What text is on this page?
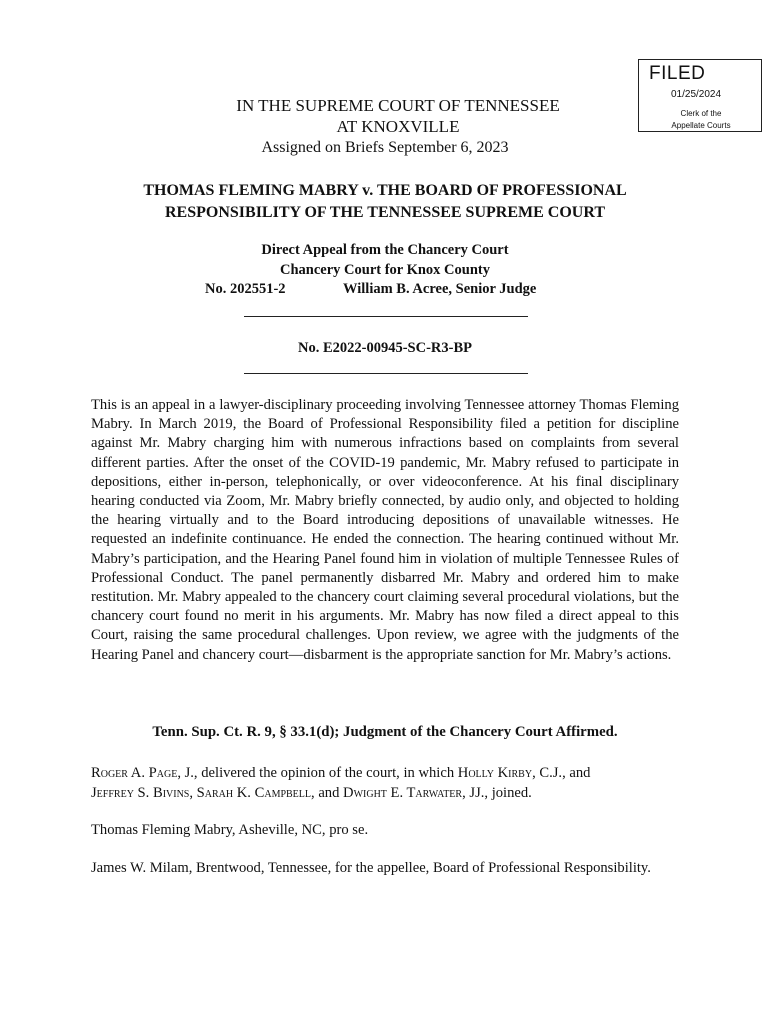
FILED
01/25/2024
Clerk of the
Appellate Courts
IN THE SUPREME COURT OF TENNESSEE
AT KNOXVILLE
Assigned on Briefs September 6, 2023
THOMAS FLEMING MABRY v. THE BOARD OF PROFESSIONAL
RESPONSIBILITY OF THE TENNESSEE SUPREME COURT
Direct Appeal from the Chancery Court
Chancery Court for Knox County
No. 202551-2	William B. Acree, Senior Judge
No. E2022-00945-SC-R3-BP

This is an appeal in a lawyer-disciplinary proceeding involving Tennessee attorney Thomas Fleming Mabry. In March 2019, the Board of Professional Responsibility filed a petition for discipline against Mr. Mabry charging him with numerous infractions based on complaints from several different parties. After the onset of the COVID-19 pandemic, Mr. Mabry refused to participate in depositions, either in-person, telephonically, or over videoconference. At his final disciplinary hearing conducted via Zoom, Mr. Mabry briefly connected, by audio only, and objected to holding the hearing virtually and to the Board introducing depositions of unavailable witnesses. He requested an indefinite continuance. He ended the connection. The hearing continued without Mr. Mabry’s participation, and the Hearing Panel found him in violation of multiple Tennessee Rules of Professional Conduct. The panel permanently disbarred Mr. Mabry and ordered him to make restitution. Mr. Mabry appealed to the chancery court claiming several procedural violations, but the chancery court found no merit in his arguments. Mr. Mabry has now filed a direct appeal to this Court, raising the same procedural challenges. Upon review, we agree with the judgments of the Hearing Panel and chancery court—disbarment is the appropriate sanction for Mr. Mabry’s actions.

Tenn. Sup. Ct. R. 9, § 33.1(d); Judgment of the Chancery Court Affirmed.

Roger A. Page, J., delivered the opinion of the court, in which Holly Kirby, C.J., and
Jeffrey S. Bivins, Sarah K. Campbell, and Dwight E. Tarwater, JJ., joined.

Thomas Fleming Mabry, Asheville, NC, pro se.

James W. Milam, Brentwood, Tennessee, for the appellee, Board of Professional Responsibility.
